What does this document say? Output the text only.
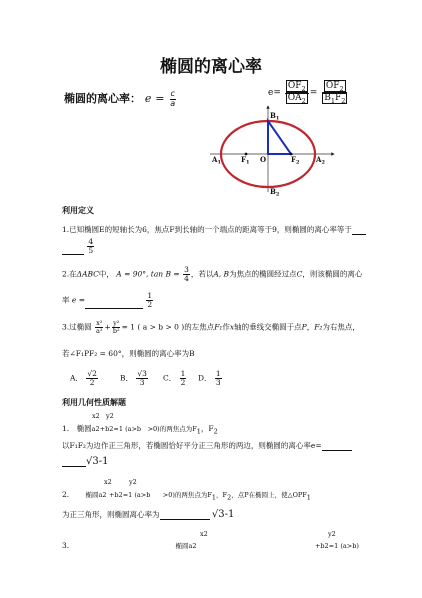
椭圆的离心率
椭圆的离心率： $e = \frac{c}{a}$	$e= \frac{OF_2}{OA_2} = \frac{OF_2}{B_1F_2}$
$B_1$
$B_2$
$A_1$	$A_2$
$F_1$	$F_2$
O
利用定义
1.已知椭圆E的短轴长为6，焦点F到长轴的一个端点的距离等于9，则椭圆的离心率等于

$\frac{4}{5}$
2.在ΔABC中， A = 90°, $\tan B = \frac{3}{4}$ ，若以A, B为焦点的椭圆经过点C，则该椭圆的离心
率 e =	$\frac{1}{2}$
3.过椭圆 $\frac{\text{x²}}{\text{a²}} + \frac{\text{y²}}{\text{b²}} = 1$ ( a > b > 0 )的左焦点F₁作x轴的垂线交椭圆于点P，F₂为右焦点，
若∠F₁PF₂ = 60°，则椭圆的离心率为B
A． $\frac{√2}{2}$	B． $\frac{√3}{3}$ C． $\frac{1}{2}$ D． $\frac{1}{3}$
利用几何性质解题
x2 y2
1.　椭圆a2+b2=1 (a>b　>0)的两焦点为$F_1$，$F_2$
以F₁F₂为边作正三角形，若椭圆恰好平分正三角形的两边，则椭圆的离心率e=
√3-1
x2	y2
2.	椭圆a2 +b2=1 (a>b >0)的两焦点为$F_1$，$F_2$，点P在椭圆上，使$\triangle OPF_1$
为正三角形，则椭圆离心率为	√3-1
x2	y2
3.	椭圆a2	+b2=1 (a>b)
